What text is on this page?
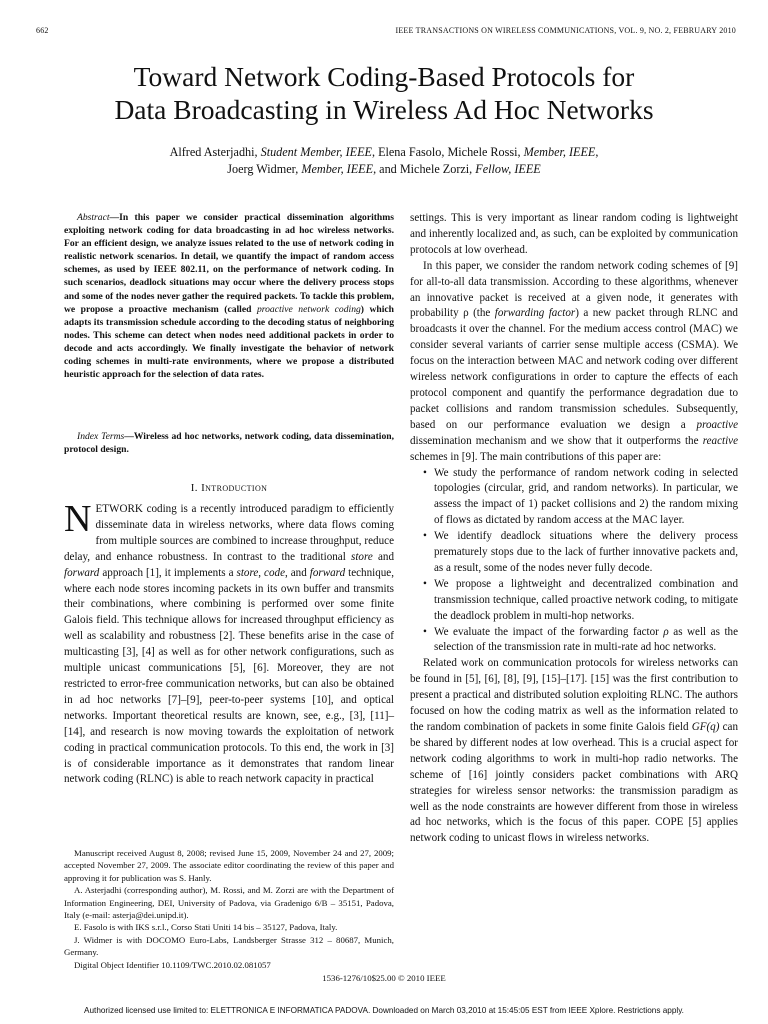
662	IEEE TRANSACTIONS ON WIRELESS COMMUNICATIONS, VOL. 9, NO. 2, FEBRUARY 2010
Toward Network Coding-Based Protocols for
Data Broadcasting in Wireless Ad Hoc Networks
Alfred Asterjadhi, Student Member, IEEE, Elena Fasolo, Michele Rossi, Member, IEEE,
Joerg Widmer, Member, IEEE, and Michele Zorzi, Fellow, IEEE

Abstract—In this paper we consider practical dissemination algorithms exploiting network coding for data broadcasting in ad hoc wireless networks. For an efficient design, we analyze issues related to the use of network coding in realistic network scenarios. In detail, we quantify the impact of random access schemes, as used by IEEE 802.11, on the performance of network coding. In such scenarios, deadlock situations may occur where the delivery process stops and some of the nodes never gather the required packets. To tackle this problem, we propose a proactive mechanism (called proactive network coding) which adapts its transmission schedule according to the decoding status of neighboring nodes. This scheme can detect when nodes need additional packets in order to decode and acts accordingly. We finally investigate the behavior of network coding schemes in multi-rate environments, where we propose a distributed heuristic approach for the selection of data rates.

Index Terms—Wireless ad hoc networks, network coding, data dissemination, protocol design.

I. Introduction

NETWORK coding is a recently introduced paradigm to efficiently disseminate data in wireless networks, where data flows coming from multiple sources are combined to increase throughput, reduce delay, and enhance robustness. In contrast to the traditional store and forward approach [1], it implements a store, code, and forward technique, where each node stores incoming packets in its own buffer and transmits their combinations, where combining is performed over some finite Galois field. This technique allows for increased throughput efficiency as well as scalability and robustness [2]. These benefits arise in the case of multicasting [3], [4] as well as for other network configurations, such as multiple unicast communications [5], [6]. Moreover, they are not restricted to error-free communication networks, but can also be obtained in ad hoc networks [7]–[9], peer-to-peer systems [10], and optical networks. Important theoretical results are known, see, e.g., [3], [11]–[14], and research is now moving towards the exploitation of network coding in practical communication protocols. To this end, the work in [3] is of considerable importance as it demonstrates that random linear network coding (RLNC) is able to reach network capacity in practical

Manuscript received August 8, 2008; revised June 15, 2009, November 24 and 27, 2009; accepted November 27, 2009. The associate editor coordinating the review of this paper and approving it for publication was S. Hanly.

A. Asterjadhi (corresponding author), M. Rossi, and M. Zorzi are with the Department of Information Engineering, DEI, University of Padova, via Gradenigo 6/B – 35151, Padova, Italy (e-mail: asterja@dei.unipd.it).

E. Fasolo is with IKS s.r.l., Corso Stati Uniti 14 bis – 35127, Padova, Italy.

J. Widmer is with DOCOMO Euro-Labs, Landsberger Strasse 312 – 80687, Munich, Germany.

Digital Object Identifier 10.1109/TWC.2010.02.081057

settings. This is very important as linear random coding is lightweight and inherently localized and, as such, can be exploited by communication protocols at low overhead.

In this paper, we consider the random network coding schemes of [9] for all-to-all data transmission. According to these algorithms, whenever an innovative packet is received at a given node, it generates with probability ρ (the forwarding factor) a new packet through RLNC and broadcasts it over the channel. For the medium access control (MAC) we consider several variants of carrier sense multiple access (CSMA). We focus on the interaction between MAC and network coding over different wireless network configurations in order to capture the effects of each protocol component and quantify the performance degradation due to packet collisions and random transmission schedules. Subsequently, based on our performance evaluation we design a proactive dissemination mechanism and we show that it outperforms the reactive schemes in [9]. The main contributions of this paper are:

• We study the performance of random network coding in selected topologies (circular, grid, and random networks). In particular, we assess the impact of 1) packet collisions and 2) the random mixing of flows as dictated by random access at the MAC layer.
• We identify deadlock situations where the delivery process prematurely stops due to the lack of further innovative packets and, as a result, some of the nodes never fully decode.
• We propose a lightweight and decentralized combination and transmission technique, called proactive network coding, to mitigate the deadlock problem in multi-hop networks.
• We evaluate the impact of the forwarding factor ρ as well as the selection of the transmission rate in multi-rate ad hoc networks.

Related work on communication protocols for wireless networks can be found in [5], [6], [8], [9], [15]–[17]. [15] was the first contribution to present a practical and distributed solution exploiting RLNC. The authors focused on how the coding matrix as well as the information related to the random combination of packets in some finite Galois field GF(q) can be shared by different nodes at low overhead. This is a crucial aspect for network coding algorithms to work in multi-hop radio networks. The scheme of [16] jointly considers packet combinations with ARQ strategies for wireless sensor networks: the transmission paradigm as well as the node constraints are however different from those in wireless ad hoc networks, which is the focus of this paper. COPE [5] applies network coding to unicast flows in wireless networks.

1536-1276/10$25.00 © 2010 IEEE
Authorized licensed use limited to: ELETTRONICA E INFORMATICA PADOVA. Downloaded on March 03,2010 at 15:45:05 EST from IEEE Xplore. Restrictions apply.
